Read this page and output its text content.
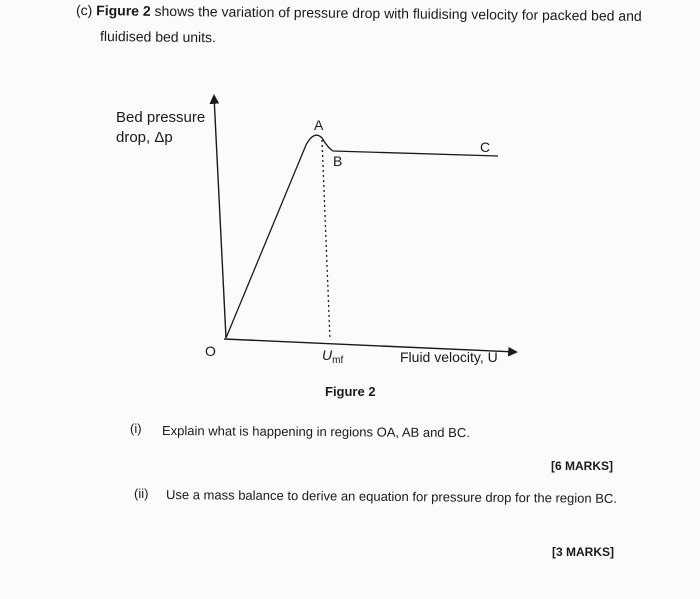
(c) Figure 2 shows the variation of pressure drop with fluidising velocity for packed bed and
fluidised bed units.
A
B
C
O	$U_{mf}$	Fluid velocity, U
Bed pressure
drop, Δp
Figure 2
(i) Explain what is happening in regions OA, AB and BC.
[6 MARKS]
(ii) Use a mass balance to derive an equation for pressure drop for the region BC.
[3 MARKS]
